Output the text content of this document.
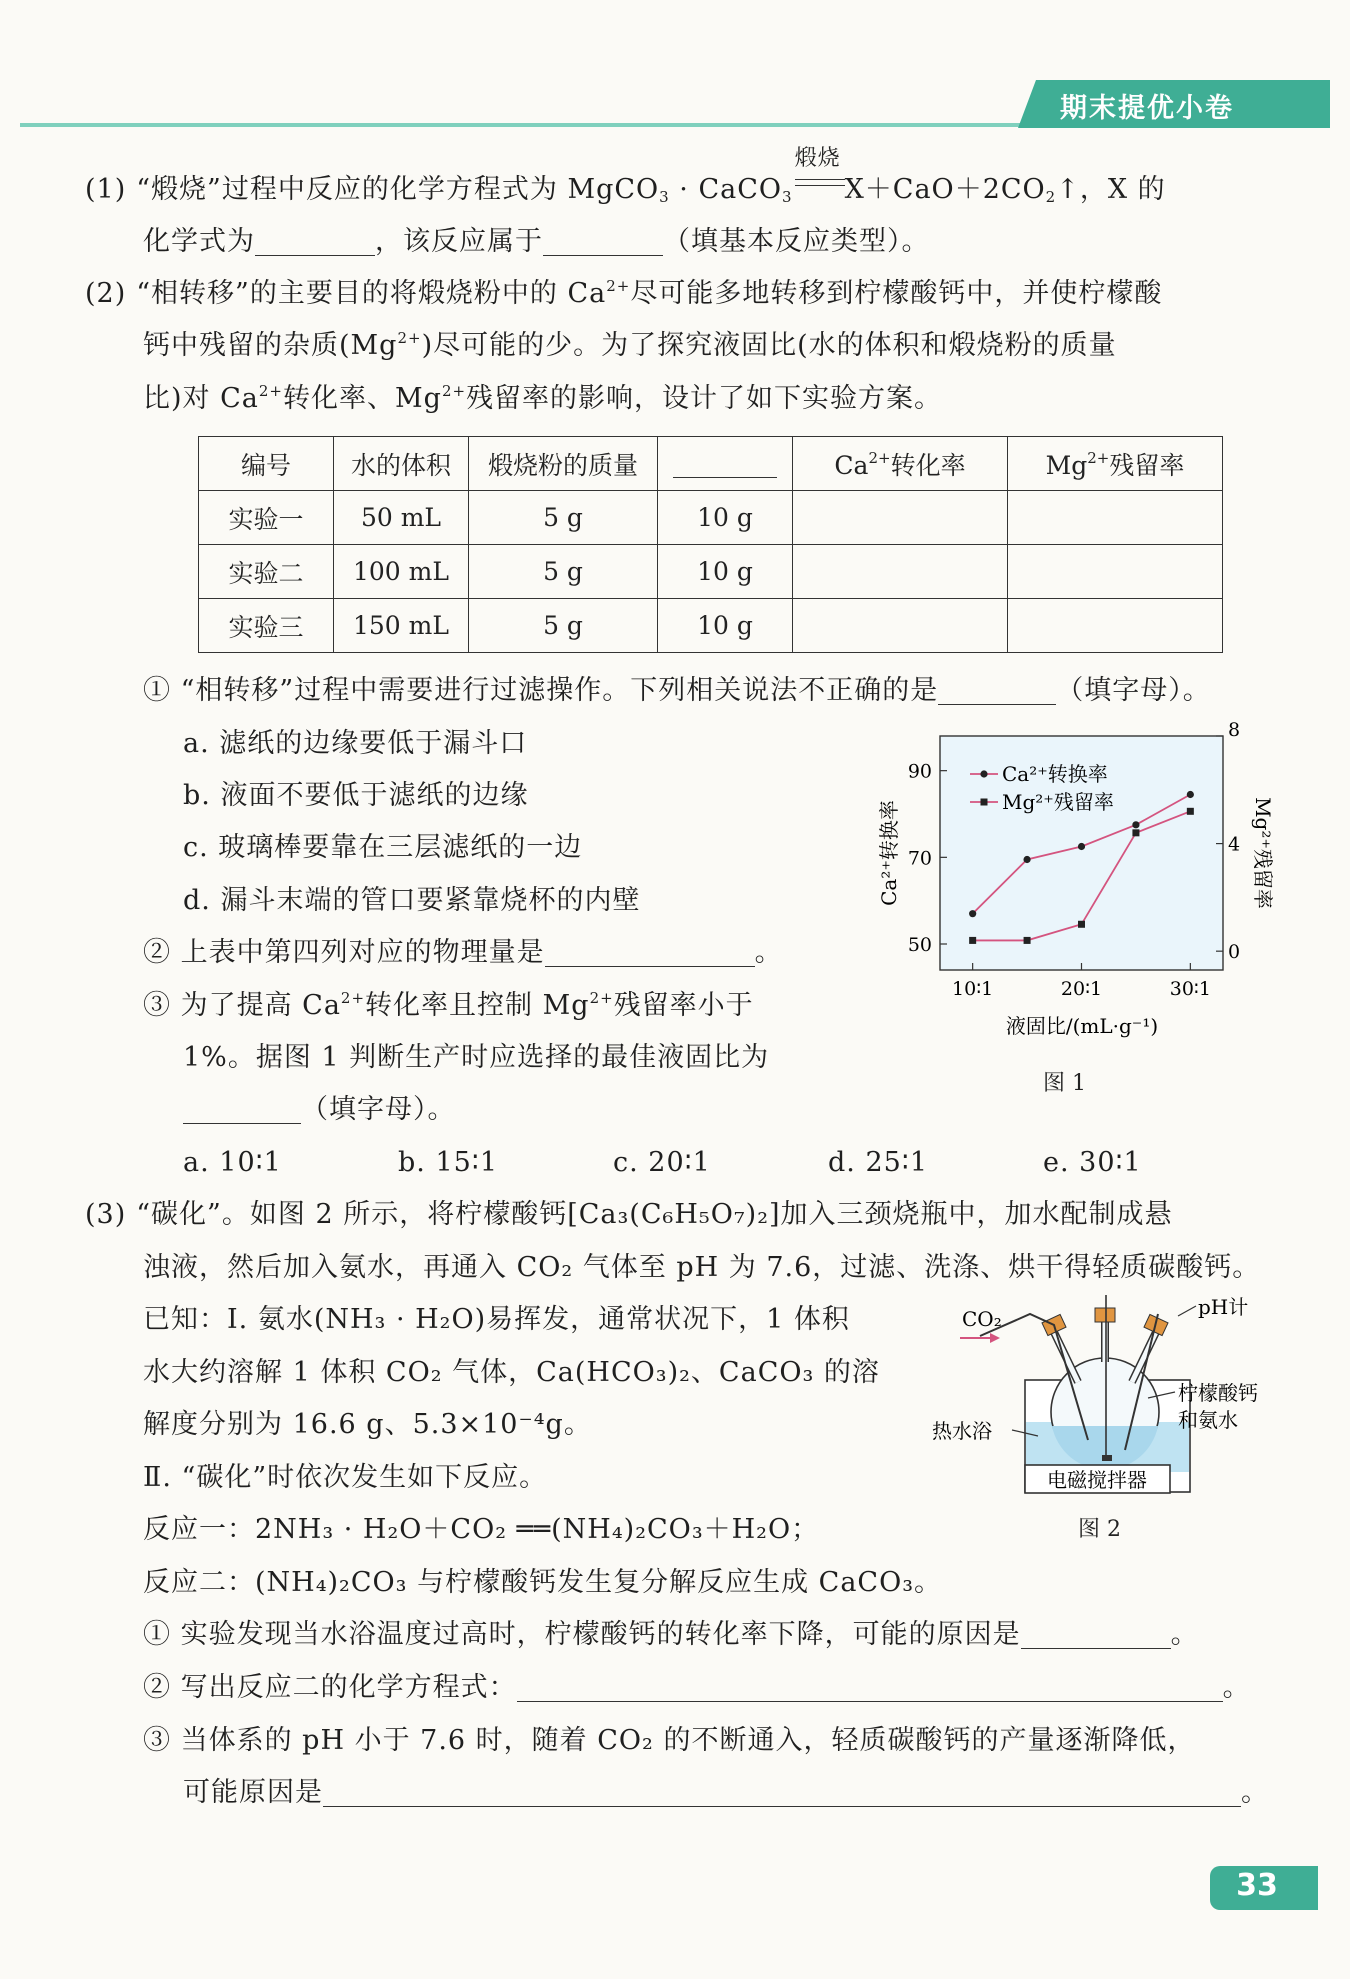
期末提优小卷
(1) “煅烧”过程中反应的化学方程式为 MgCO$_3$ · CaCO$_3$
煅烧
$X+CaO+2CO_2↑$，X 的
化学式为	，该反应属于	（填基本反应类型）。
(2) “相转移”的主要目的将煅烧粉中的 $Ca^{2+}$尽可能多地转移到柠檬酸钙中，并使柠檬酸
钙中残留的杂质$(Mg^{2+})$尽可能的少。为了探究液固比(水的体积和煅烧粉的质量
比)对 $Ca^{2+}$转化率、$Mg^{2+}$残留率的影响，设计了如下实验方案。
编号	水的体积	煅烧粉的质量		$Ca^{2+}$转化率	$Mg^{2+}$残留率
实验一	50 mL	5 g	10 g		
实验二	100 mL	5 g	10 g		
实验三	150 mL	5 g	10 g		
① “相转移”过程中需要进行过滤操作。下列相关说法不正确的是	（填字母）。
a. 滤纸的边缘要低于漏斗口
b. 液面不要低于滤纸的边缘
c. 玻璃棒要靠在三层滤纸的一边
d. 漏斗末端的管口要紧靠烧杯的内壁
② 上表中第四列对应的物理量是	。
③ 为了提高 $Ca^{2+}$转化率且控制 $Mg^{2+}$残留率小于
1%。据图 1 判断生产时应选择的最佳液固比为
（填字母）。
a. 10∶1	b. 15∶1	c. 20∶1	d. 25∶1	e. 30∶1
10∶1	20∶1	30∶1
50
70
90
0
4
8
Ca²⁺转换率	Mg²⁺残留率
液固比/(mL·g⁻¹)
Ca²⁺转换率
Mg²⁺残留率
图 1
(3) “碳化”。如图 2 所示，将柠檬酸钙[Ca₃(C₆H₅O₇)₂]加入三颈烧瓶中，加水配制成悬
浊液，然后加入氨水，再通入 CO₂ 气体至 pH 为 7.6，过滤、洗涤、烘干得轻质碳酸钙。
已知：Ⅰ. 氨水(NH₃ · H₂O)易挥发，通常状况下，1 体积
水大约溶解 1 体积 CO₂ 气体，Ca(HCO₃)₂、CaCO₃ 的溶
解度分别为 16.6 g、5.3×10⁻⁴g。
Ⅱ. “碳化”时依次发生如下反应。
反应一：2NH₃ · H₂O＋CO₂ ══(NH₄)₂CO₃＋H₂O；
反应二：(NH₄)₂CO₃ 与柠檬酸钙发生复分解反应生成 CaCO₃。
① 实验发现当水浴温度过高时，柠檬酸钙的转化率下降，可能的原因是	。
② 写出反应二的化学方程式：	。
③ 当体系的 pH 小于 7.6 时，随着 CO₂ 的不断通入，轻质碳酸钙的产量逐渐降低，
可能原因是	。
电磁搅拌器
CO₂	pH计
柠檬酸钙
和氨水
热水浴
图 2
33
